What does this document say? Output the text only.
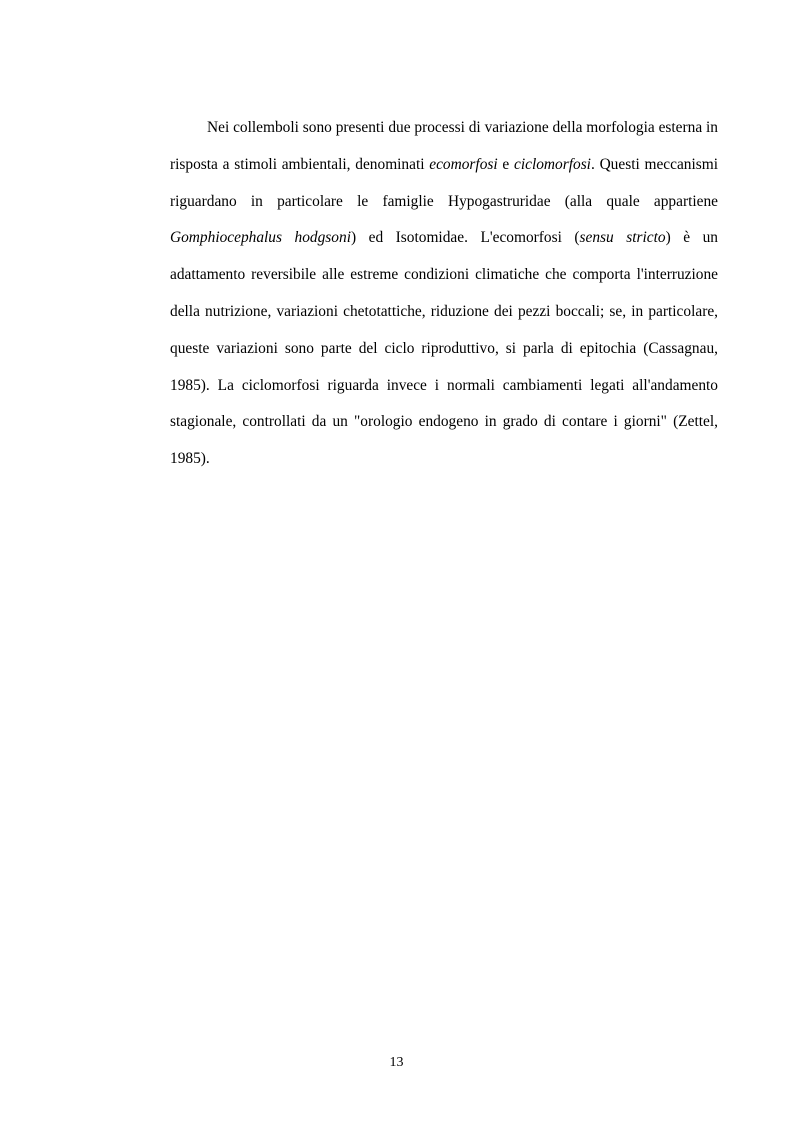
Nei collemboli sono presenti due processi di variazione della morfologia esterna in risposta a stimoli ambientali, denominati ecomorfosi e ciclomorfosi. Questi meccanismi riguardano in particolare le famiglie Hypogastruridae (alla quale appartiene Gomphiocephalus hodgsoni) ed Isotomidae. L'ecomorfosi (sensu stricto) è un adattamento reversibile alle estreme condizioni climatiche che comporta l'interruzione della nutrizione, variazioni chetotattiche, riduzione dei pezzi boccali; se, in particolare, queste variazioni sono parte del ciclo riproduttivo, si parla di epitochia (Cassagnau, 1985). La ciclomorfosi riguarda invece i normali cambiamenti legati all'andamento stagionale, controllati da un "orologio endogeno in grado di contare i giorni" (Zettel, 1985).

13
